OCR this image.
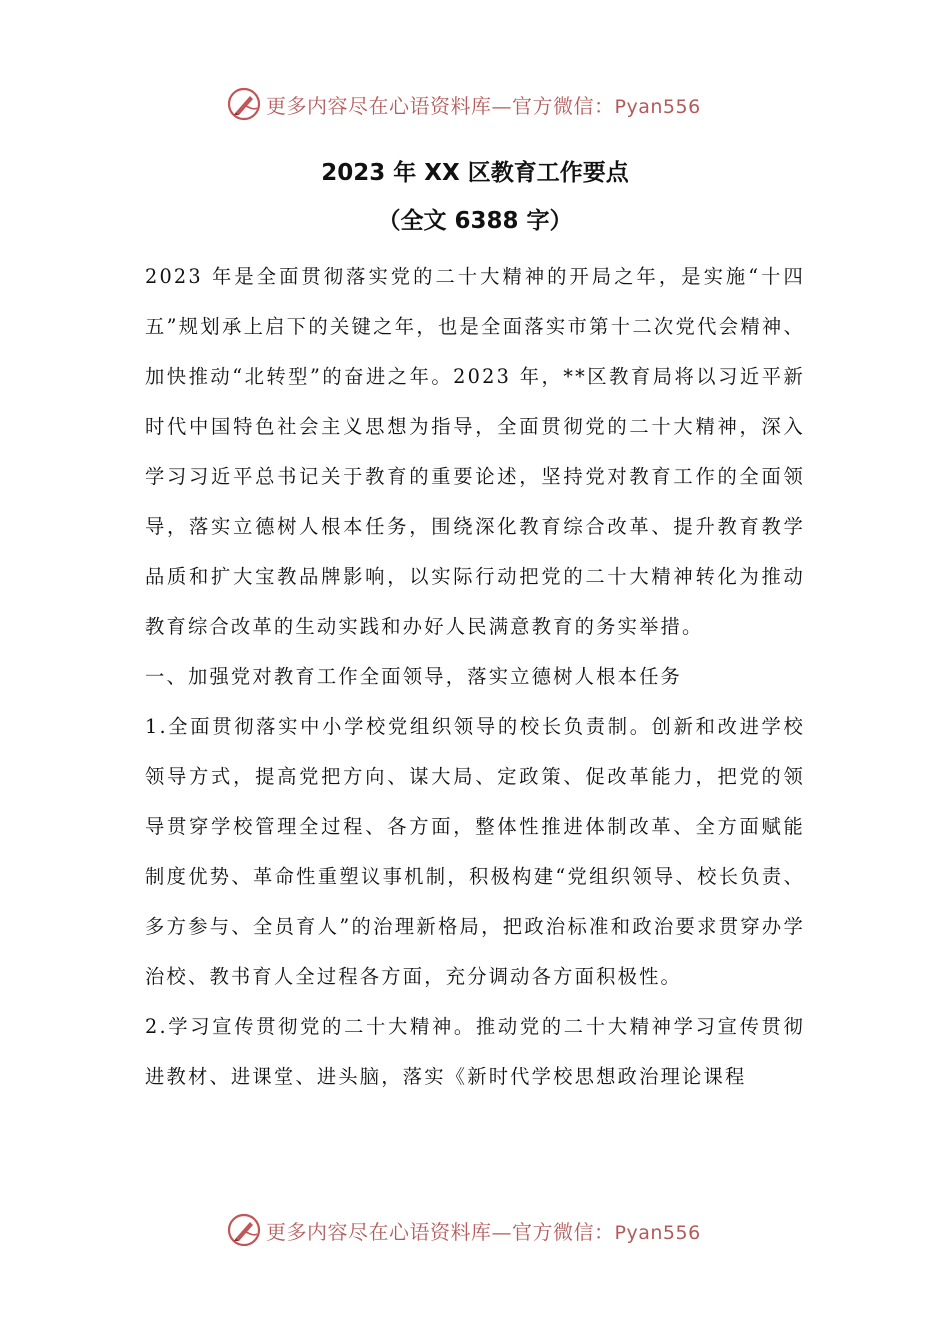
更多内容尽在心语资料库—官方微信：Pyan556
2023 年 XX 区教育工作要点
（全文 6388 字）

2023 年是全面贯彻落实党的二十大精神的开局之年，是实施“十四五”规划承上启下的关键之年，也是全面落实市第十二次党代会精神、加快推动“北转型”的奋进之年。2023 年，**区教育局将以习近平新时代中国特色社会主义思想为指导，全面贯彻党的二十大精神，深入学习习近平总书记关于教育的重要论述，坚持党对教育工作的全面领导，落实立德树人根本任务，围绕深化教育综合改革、提升教育教学品质和扩大宝教品牌影响，以实际行动把党的二十大精神转化为推动教育综合改革的生动实践和办好人民满意教育的务实举措。

一、加强党对教育工作全面领导，落实立德树人根本任务

1.全面贯彻落实中小学校党组织领导的校长负责制。创新和改进学校领导方式，提高党把方向、谋大局、定政策、促改革能力，把党的领导贯穿学校管理全过程、各方面，整体性推进体制改革、全方面赋能制度优势、革命性重塑议事机制，积极构建“党组织领导、校长负责、多方参与、全员育人”的治理新格局，把政治标准和政治要求贯穿办学治校、教书育人全过程各方面，充分调动各方面积极性。

2.学习宣传贯彻党的二十大精神。推动党的二十大精神学习宣传贯彻进教材、进课堂、进头脑，落实《新时代学校思想政治理论课程

更多内容尽在心语资料库—官方微信：Pyan556
